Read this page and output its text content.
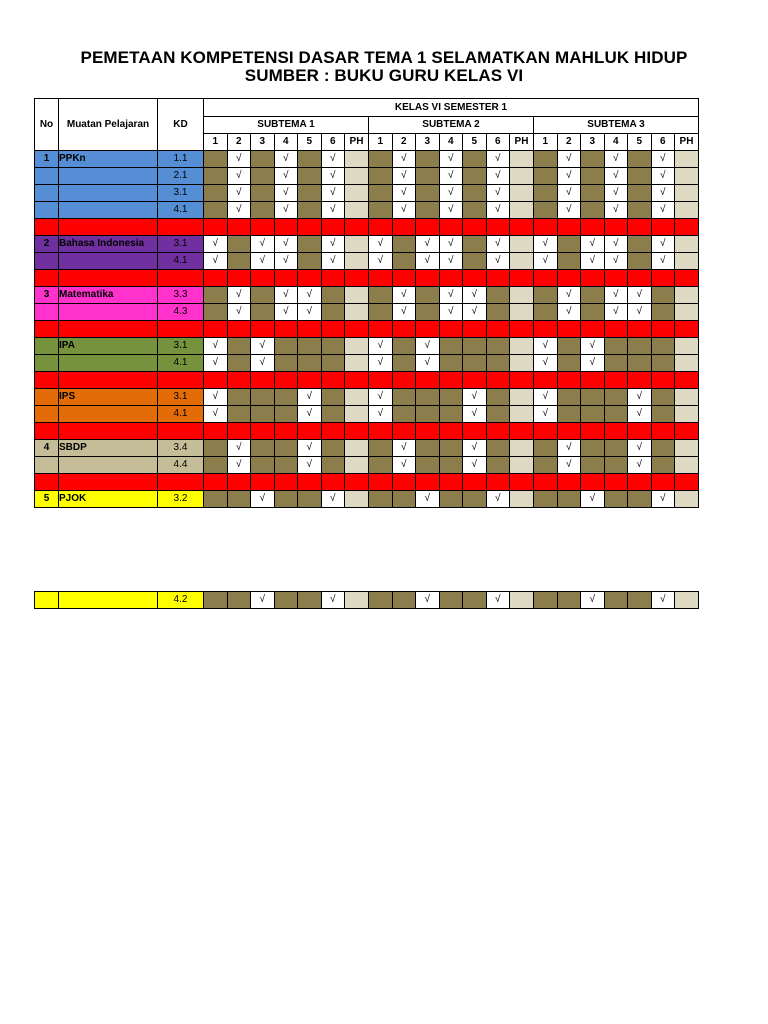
PEMETAAN KOMPETENSI DASAR TEMA 1 SELAMATKAN MAHLUK HIDUP
SUMBER : BUKU GURU KELAS VI
No	Muatan Pelajaran	KD	KELAS VI SEMESTER 1																				
			SUBTEMA 1							SUBTEMA 2							SUBTEMA 3						
			1	2	3	4	5	6	PH	1	2	3	4	5	6	PH	1	2	3	4	5	6	PH
1	PPKn	1.1		√		√		√			√		√		√			√		√		√	
		2.1		√		√		√			√		√		√			√		√		√	
		3.1		√		√		√			√		√		√			√		√		√	
		4.1		√		√		√			√		√		√			√		√		√	

2	Bahasa Indonesia	3.1	√		√	√		√		√		√	√		√		√		√	√		√	
		4.1	√		√	√		√		√		√	√		√		√		√	√		√	

3	Matematika	3.3		√		√	√				√		√	√				√		√	√		
		4.3		√		√	√				√		√	√				√		√	√		

	IPA	3.1	√		√					√		√					√		√				
		4.1	√		√					√		√					√		√				

	IPS	3.1	√				√			√				√			√				√		
		4.1	√				√			√				√			√				√		

4	SBDP	3.4		√			√				√			√				√			√		
		4.4		√			√				√			√				√			√		

5	PJOK	3.2			√			√				√			√				√			√	
		4.2			√			√				√			√				√			√	
